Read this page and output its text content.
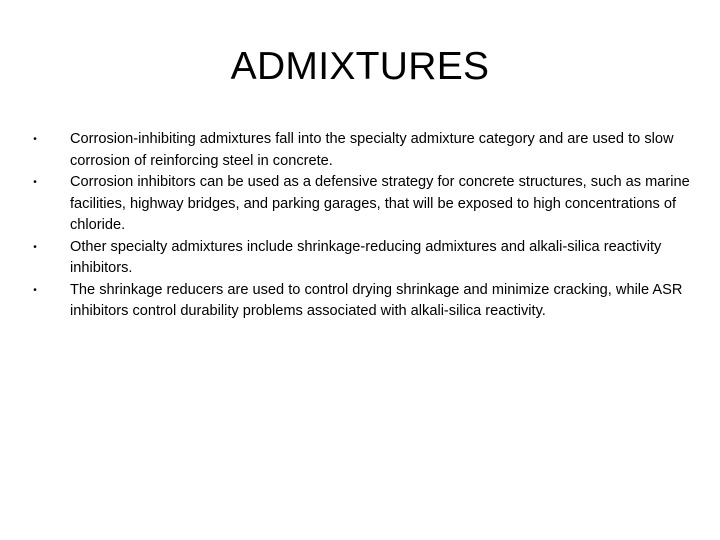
ADMIXTURES
• Corrosion-inhibiting admixtures fall into the specialty admixture category and are used to slow corrosion of reinforcing steel in concrete.
• Corrosion inhibitors can be used as a defensive strategy for concrete structures, such as marine facilities, highway bridges, and parking garages, that will be exposed to high concentrations of chloride.
• Other specialty admixtures include shrinkage-reducing admixtures and alkali-silica reactivity inhibitors.
• The shrinkage reducers are used to control drying shrinkage and minimize cracking, while ASR inhibitors control durability problems associated with alkali-silica reactivity.
